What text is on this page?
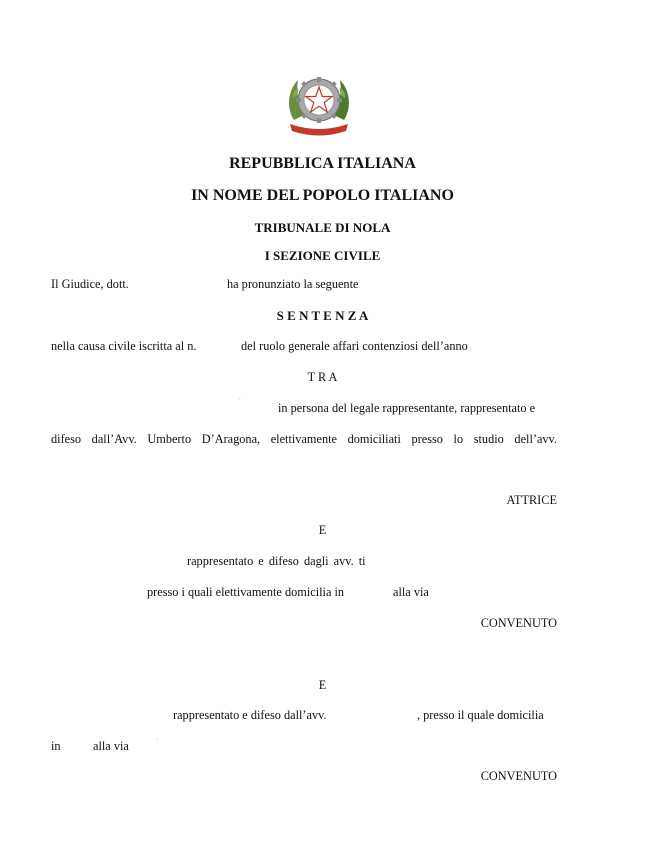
REPUBBLICA ITALIANA
IN NOME DEL POPOLO ITALIANO
TRIBUNALE DI NOLA
I SEZIONE CIVILE
Il Giudice, dott.	ha pronunziato la seguente
S E N T E N Z A
nella causa civile iscritta al n.	del ruolo generale affari contenziosi dell’anno
T R A
˜	in persona del legale rappresentante, rappresentato e
difeso dall’Avv. Umberto D’Aragona, elettivamente domiciliati presso lo studio dell’avv.
ATTRICE
E
rappresentato e difeso dagli avv. ti
presso i quali elettivamente domicilia in	alla via
CONVENUTO
E
rappresentato e difeso dall’avv.	, presso il quale domicilia
in	alla via	˜
CONVENUTO
